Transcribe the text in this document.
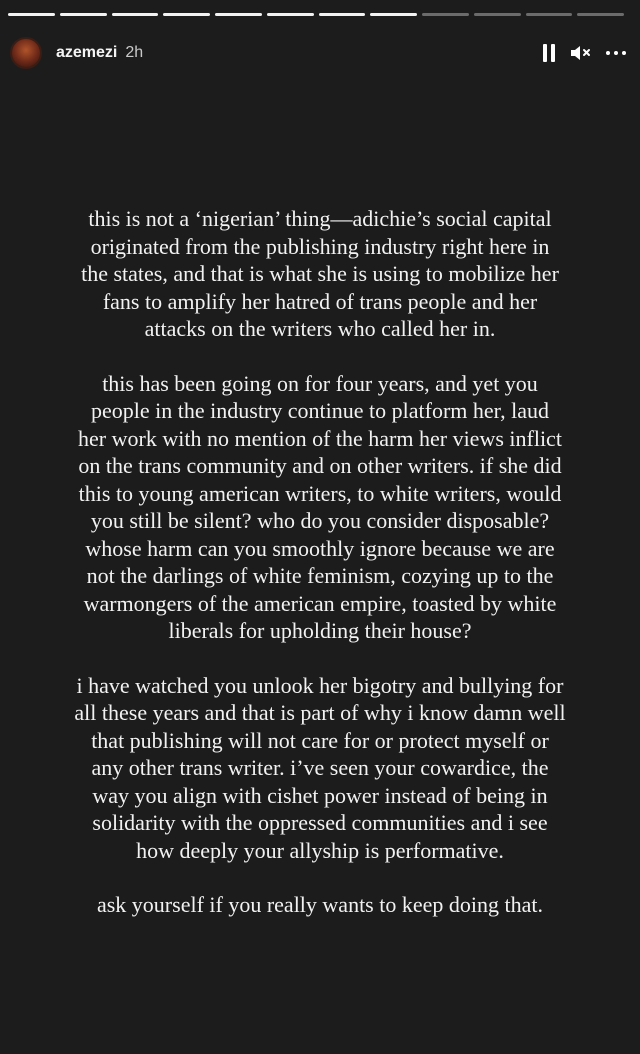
azemezi 2h

this is not a ‘nigerian’ thing—adichie’s social capital
originated from the publishing industry right here in
the states, and that is what she is using to mobilize her
fans to amplify her hatred of trans people and her
attacks on the writers who called her in.

this has been going on for four years, and yet you
people in the industry continue to platform her, laud
her work with no mention of the harm her views inflict
on the trans community and on other writers. if she did
this to young american writers, to white writers, would
you still be silent? who do you consider disposable?
whose harm can you smoothly ignore because we are
not the darlings of white feminism, cozying up to the
warmongers of the american empire, toasted by white
liberals for upholding their house?

i have watched you unlook her bigotry and bullying for
all these years and that is part of why i know damn well
that publishing will not care for or protect myself or
any other trans writer. i’ve seen your cowardice, the
way you align with cishet power instead of being in
solidarity with the oppressed communities and i see
how deeply your allyship is performative.

ask yourself if you really wants to keep doing that.
